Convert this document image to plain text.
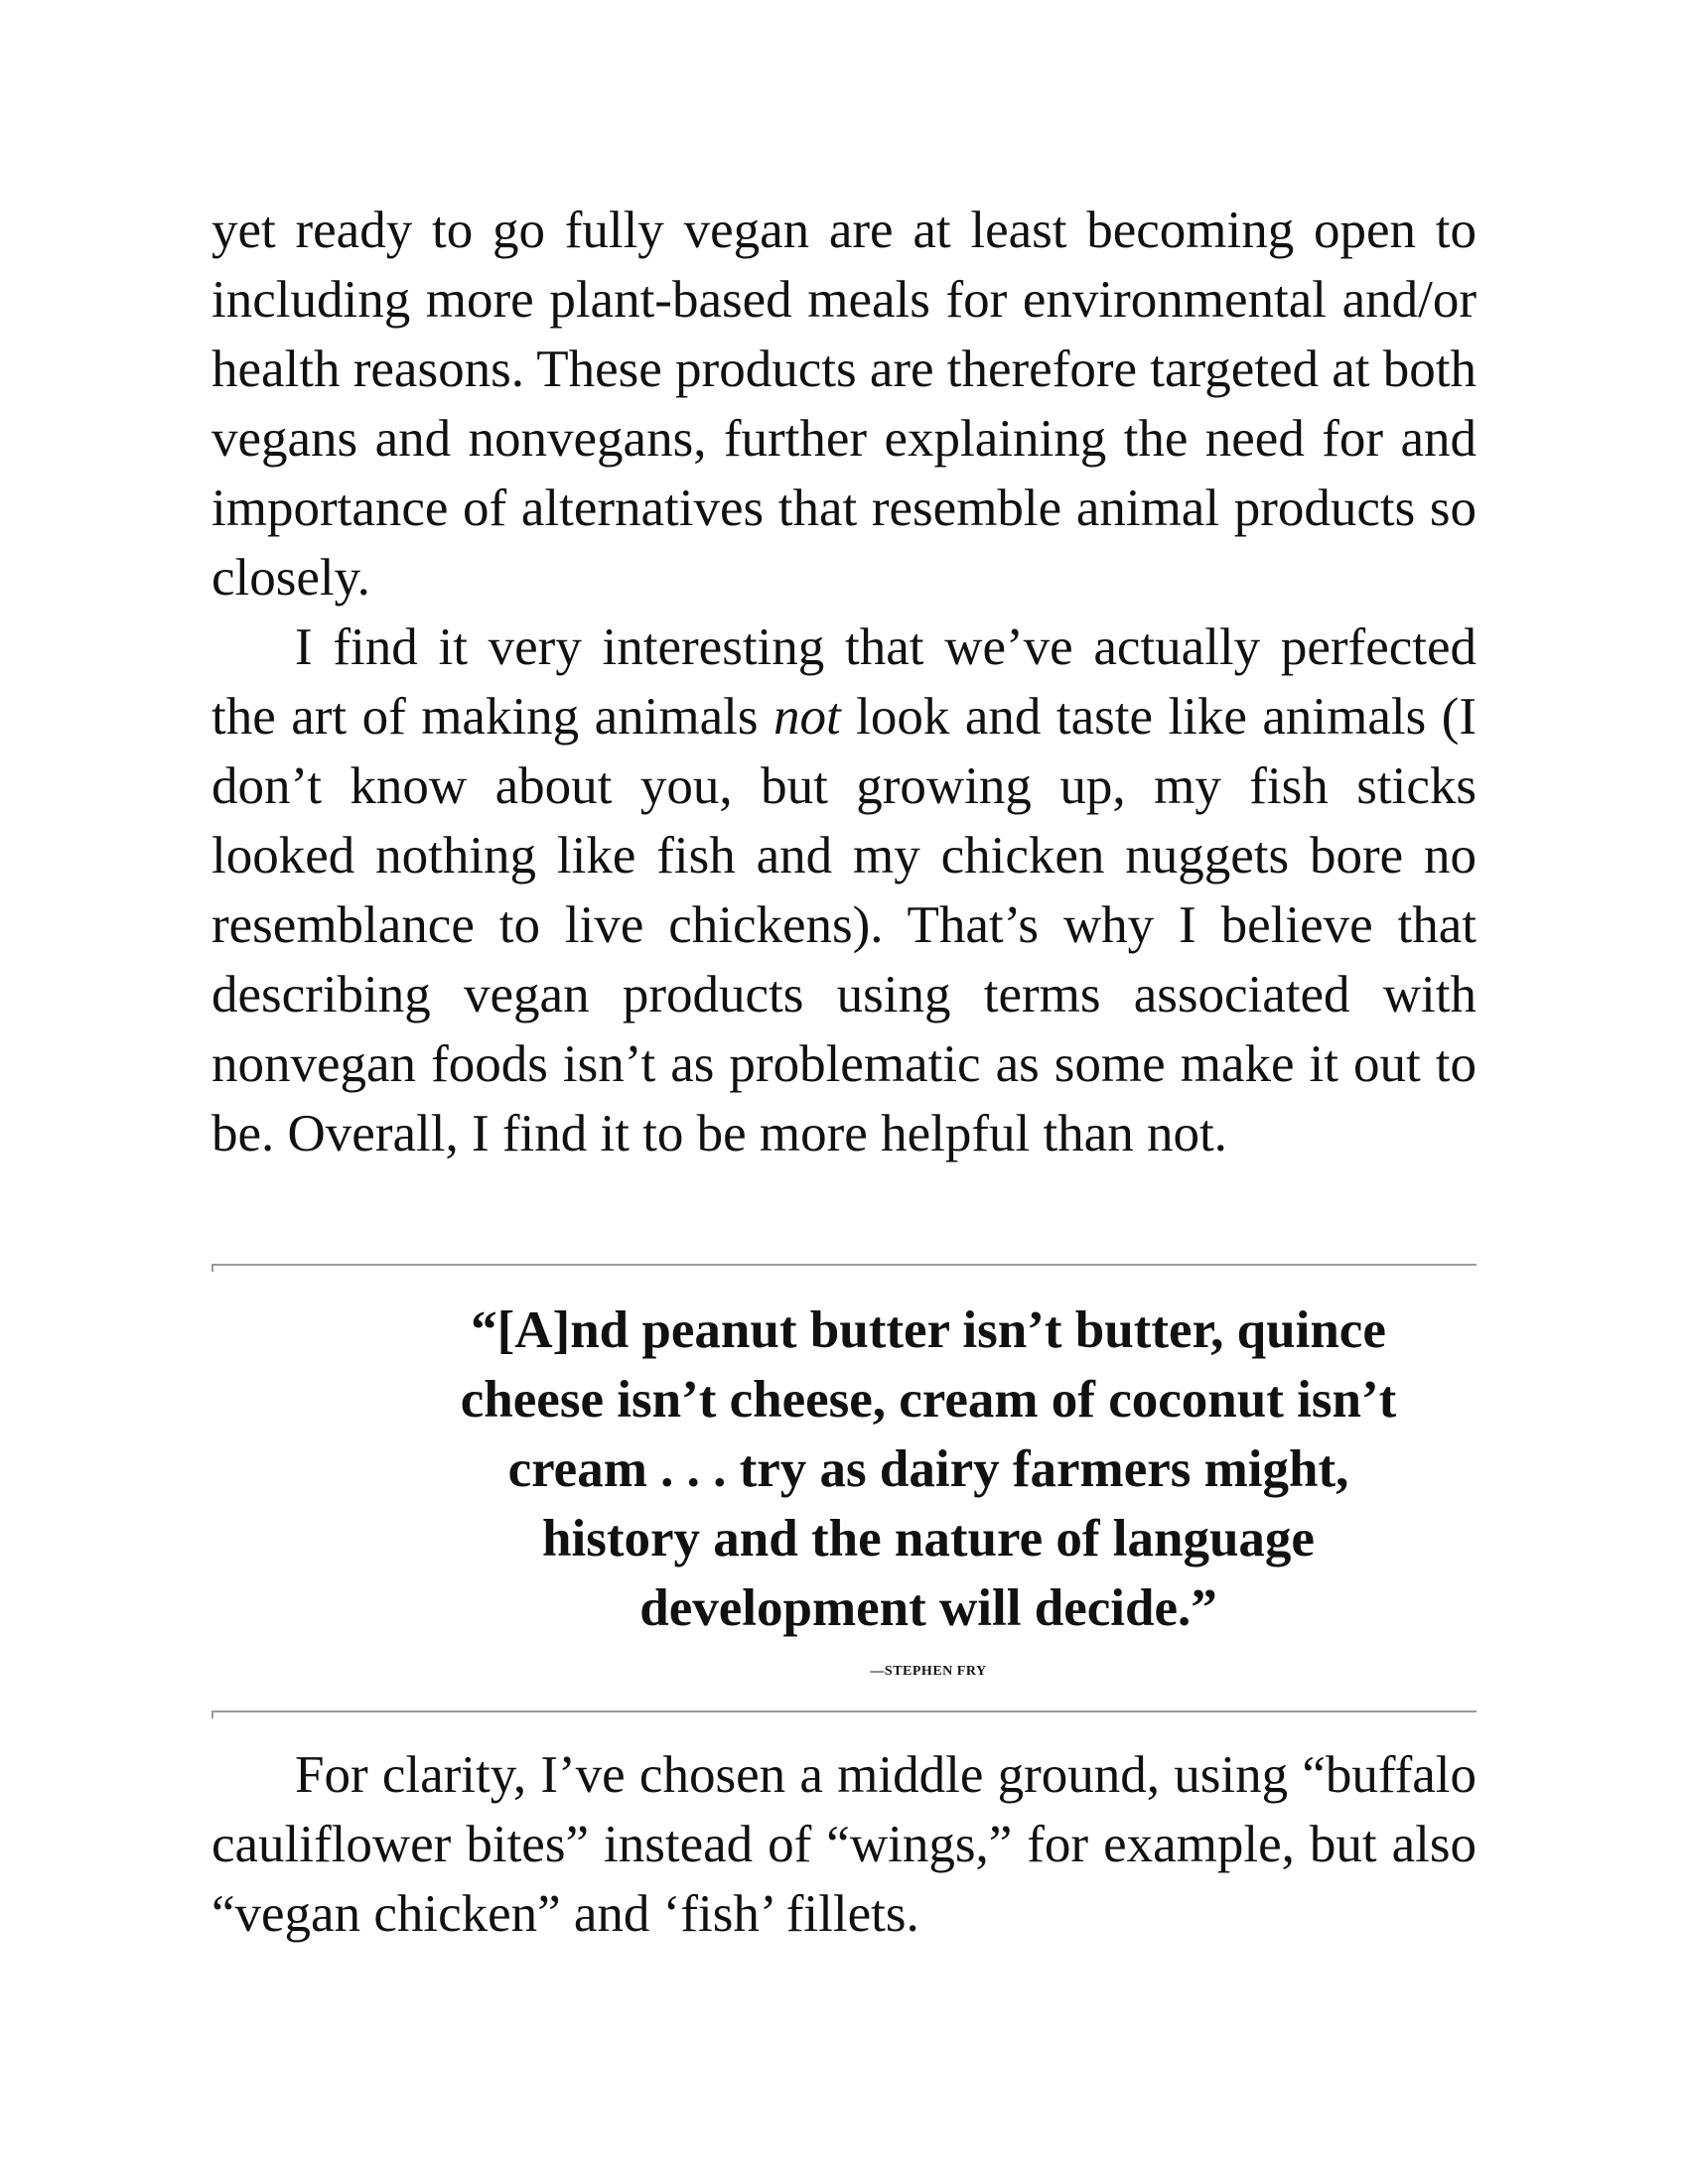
yet ready to go fully vegan are at least becoming open to including more plant-based meals for environmental and/or health reasons. These products are therefore targeted at both vegans and nonvegans, further explaining the need for and importance of alternatives that resemble animal products so closely.

I find it very interesting that we’ve actually perfected the art of making animals not look and taste like animals (I don’t know about you, but growing up, my fish sticks looked nothing like fish and my chicken nuggets bore no resemblance to live chickens). That’s why I believe that describing vegan products using terms associated with nonvegan foods isn’t as problematic as some make it out to be. Overall, I find it to be more helpful than not.

“[A]nd peanut butter isn’t butter, quince
cheese isn’t cheese, cream of coconut isn’t
cream . . . try as dairy farmers might,
history and the nature of language
development will decide.”
—STEPHEN FRY

For clarity, I’ve chosen a middle ground, using “buffalo cauliflower bites” instead of “wings,” for example, but also “vegan chicken” and ‘fish’ fillets.
